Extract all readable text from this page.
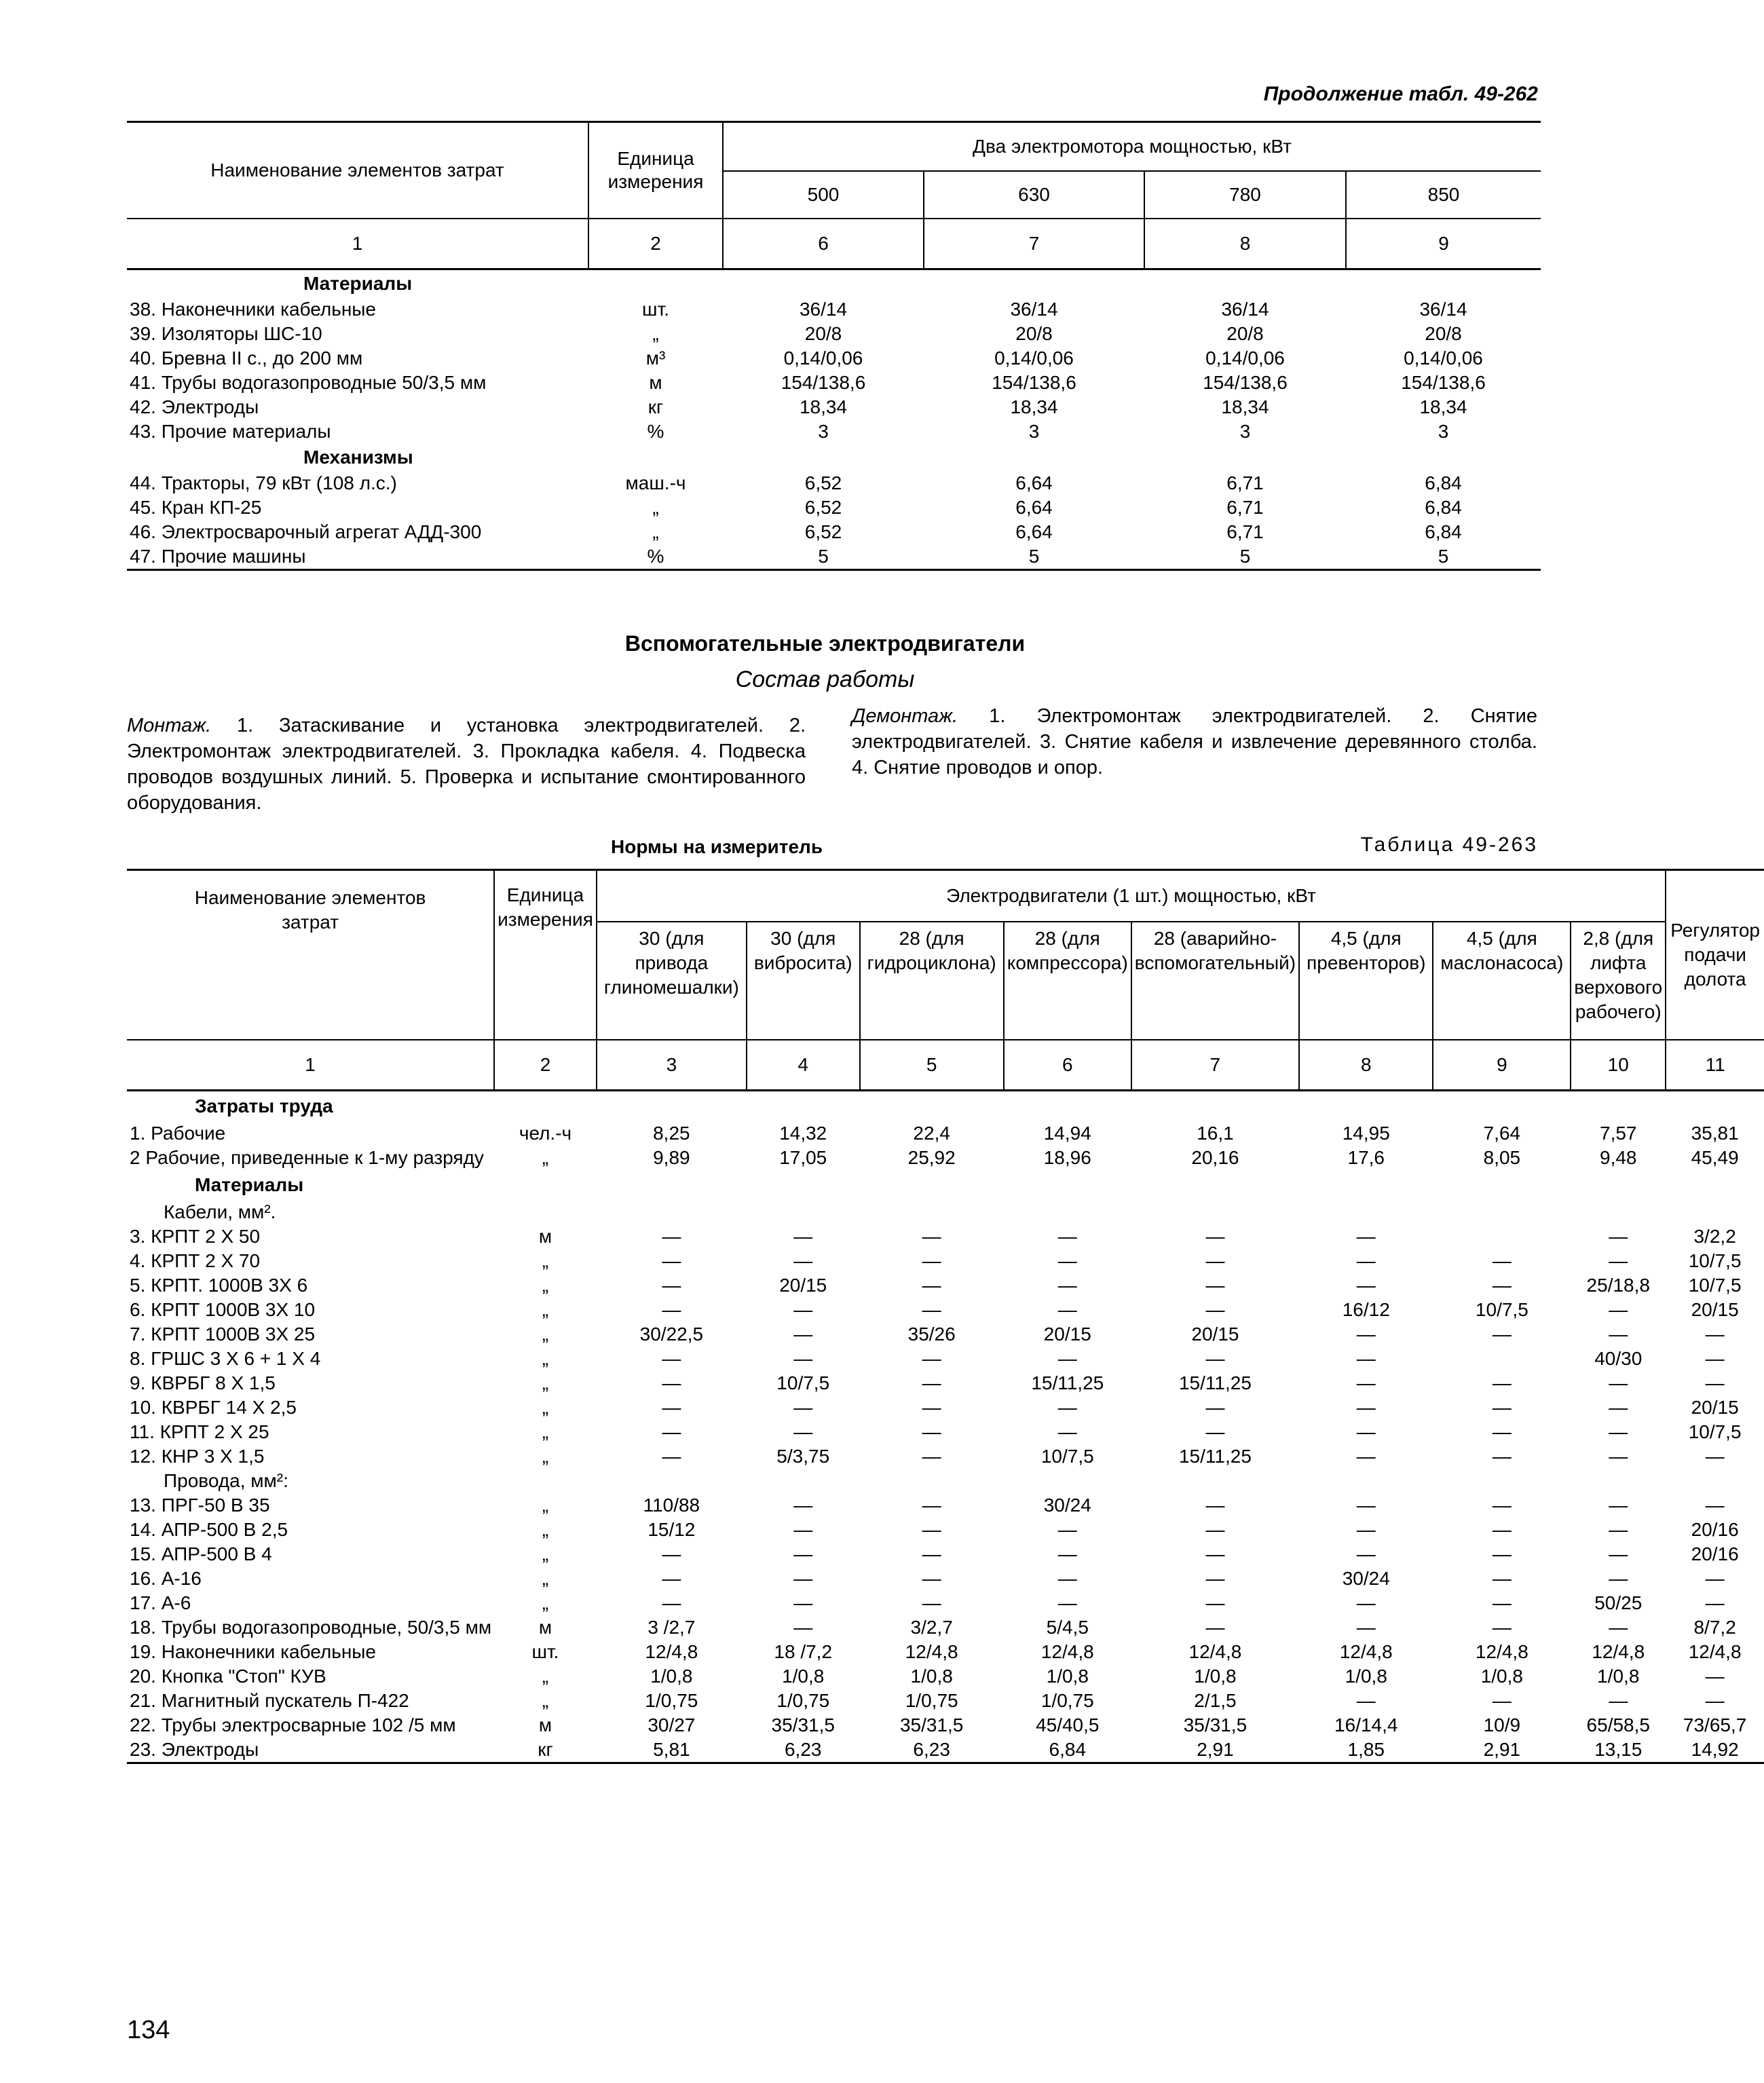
Продолжение табл. 49-262
Наименование элементов затрат	Единица измерения	Два электромотора мощностью, кВт			
		500	630	780	850
1	2	6	7	8	9
Материалы					
38. Наконечники кабельные	шт.	36/14	36/14	36/14	36/14
39. Изоляторы ШС-10	„	20/8	20/8	20/8	20/8
40. Бревна II с., до 200 мм	м³	0,14/0,06	0,14/0,06	0,14/0,06	0,14/0,06
41. Трубы водогазопроводные 50/3,5 мм	м	154/138,6	154/138,6	154/138,6	154/138,6
42. Электроды	кг	18,34	18,34	18,34	18,34
43. Прочие материалы	%	3	3	3	3
Механизмы					
44. Тракторы, 79 кВт (108 л.с.)	маш.-ч	6,52	6,64	6,71	6,84
45. Кран КП-25	„	6,52	6,64	6,71	6,84
46. Электросварочный агрегат АДД-300	„	6,52	6,64	6,71	6,84
47. Прочие машины	%	5	5	5	5
Вспомогательные электродвигатели
Состав работы
Монтаж. 1. Затаскивание и установка электродвигателей. 2. Электромонтаж электродвигателей. 3. Прокладка кабеля. 4. Подвеска проводов воздушных линий. 5. Проверка и испытание смонтированного оборудования.
Демонтаж. 1. Электромонтаж электродвигателей. 2. Снятие электродвигателей. 3. Снятие кабеля и извлечение деревянного столба. 4. Снятие проводов и опор.
Нормы на измеритель	Таблица 49-263
Наименование элементов затрат	Единица измерения	Электродвигатели (1 шт.) мощностью, кВт								Регулятор подачи долота
		30 (для привода глиномешалки)	30 (для вибросита)	28 (для гидроциклона)	28 (для компрессора)	28 (аварийно-вспомогательный)	4,5 (для превенторов)	4,5 (для маслонасоса)	2,8 (для лифта верхового рабочего)	
1	2	3	4	5	6	7	8	9	10	11
Затраты труда										
1. Рабочие	чел.-ч	8,25	14,32	22,4	14,94	16,1	14,95	7,64	7,57	35,81
2 Рабочие, приведенные к 1-му разряду	„	9,89	17,05	25,92	18,96	20,16	17,6	8,05	9,48	45,49
Материалы										
Кабели, мм².										
3. КРПТ 2 X 50	м	—	—	—	—	—	—		—	3/2,2
4. КРПТ 2 X 70	„	—	—	—	—	—	—	—	—	10/7,5
5. КРПТ. 1000В 3X 6	„	—	20/15	—	—	—	—	—	25/18,8	10/7,5
6. КРПТ 1000В 3X 10	„	—	—	—	—	—	16/12	10/7,5	—	20/15
7. КРПТ 1000В 3X 25	„	30/22,5	—	35/26	20/15	20/15	—	—	—	—
8. ГРШС 3 X 6 + 1 X 4	„	—	—	—	—	—	—		40/30	—
9. КВРБГ 8 X 1,5	„	—	10/7,5	—	15/11,25	15/11,25	—	—	—	—
10. КВРБГ 14 X 2,5	„	—	—	—	—	—	—	—	—	20/15
11. КРПТ 2 X 25	„	—	—	—	—	—	—	—	—	10/7,5
12. КНР 3 X 1,5	„	—	5/3,75	—	10/7,5	15/11,25	—	—	—	—
Провода, мм²:										
13. ПРГ-50 В 35	„	110/88	—	—	30/24	—	—	—	—	—
14. АПР-500 В 2,5	„	15/12	—	—	—	—	—	—	—	20/16
15. АПР-500 В 4	„	—	—	—	—	—	—	—	—	20/16
16. А-16	„	—	—	—	—	—	30/24	—	—	—
17. А-6	„	—	—	—	—	—	—	—	50/25	—
18. Трубы водогазопроводные, 50/3,5 мм	м	3 /2,7	—	3/2,7	5/4,5	—	—	—	—	8/7,2
19. Наконечники кабельные	шт.	12/4,8	18 /7,2	12/4,8	12/4,8	12/4,8	12/4,8	12/4,8	12/4,8	12/4,8
20. Кнопка "Стоп" КУВ	„	1/0,8	1/0,8	1/0,8	1/0,8	1/0,8	1/0,8	1/0,8	1/0,8	—
21. Магнитный пускатель П-422	„	1/0,75	1/0,75	1/0,75	1/0,75	2/1,5	—	—	—	—
22. Трубы электросварные 102 /5 мм	м	30/27	35/31,5	35/31,5	45/40,5	35/31,5	16/14,4	10/9	65/58,5	73/65,7
23. Электроды	кг	5,81	6,23	6,23	6,84	2,91	1,85	2,91	13,15	14,92
134
